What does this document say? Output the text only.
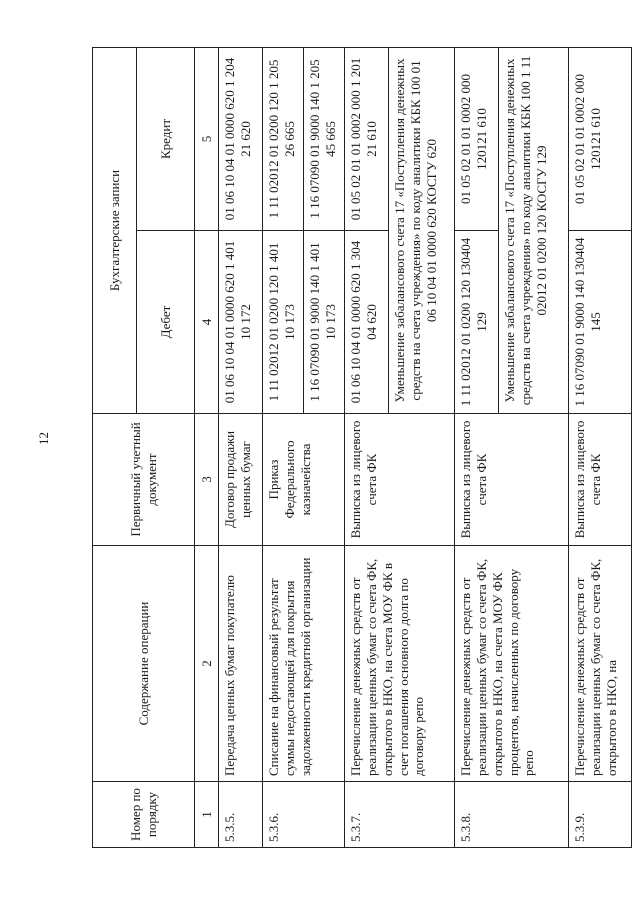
12
Номер по порядку	Содержание операции	Первичный учетный документ	Бухгалтерские записи	
			Дебет	Кредит
1	2	3	4	5
5.3.5.	Передача ценных бумаг покупателю	Договор продажи ценных бумаг	01 06 10 04 01 0000 620 1 401 10 172	01 06 10 04 01 0000 620 1 204 21 620
5.3.6.	Списание на финансовый результат суммы недостающей для покрытия задолженности кредитной организации	Приказ Федерального казначейства	1 11 02012 01 0200 120 1 401 10 173	1 11 02012 01 0200 120 1 205 26 665
			1 16 07090 01 9000 140 1 401 10 173	1 16 07090 01 9000 140 1 205 45 665
5.3.7.	Перечисление денежных средств от реализации ценных бумаг со счета ФК, открытого в НКО, на счета МОУ ФК в счет погашения основного долга по договору репо	Выписка из лицевого счета ФК	01 06 10 04 01 0000 620 1 304 04 620	01 05 02 01 01 0002 000 1 201 21 610
			Уменьшение забалансового счета 17 «Поступления денежных средств на счета учреждения» по коду аналитики КБК 100 01 06 10 04 01 0000 620 КОСГУ 620	
5.3.8.	Перечисление денежных средств от реализации ценных бумаг со счета ФК, открытого в НКО, на счета МОУ ФК процентов, начисленных по договору репо	Выписка из лицевого счета ФК	1 11 02012 01 0200 120 130404 129	01 05 02 01 01 0002 000 120121 610
			Уменьшение забалансового счета 17 «Поступления денежных средств на счета учреждения» по коду аналитики КБК 100 1 11 02012 01 0200 120 КОСГУ 129	
5.3.9.	Перечисление денежных средств от реализации ценных бумаг со счета ФК, открытого в НКО, на	Выписка из лицевого счета ФК	1 16 07090 01 9000 140 130404 145	01 05 02 01 01 0002 000 120121 610
